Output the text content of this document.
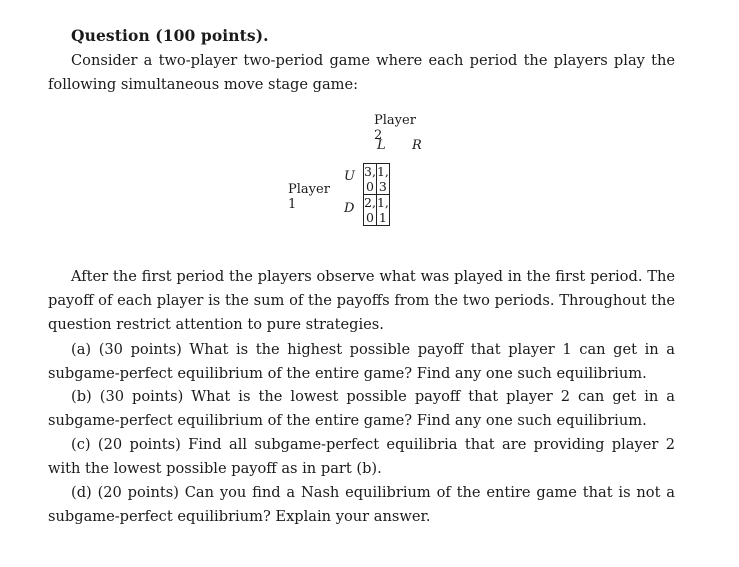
Question (100 points).
Consider a two-player two-period game where each period the players play the following simultaneous move stage game:
Player 2
L R
Player 1
U
D
3, 0	1, 3
2, 0	1, 1
After the first period the players observe what was played in the first period. The payoff of each player is the sum of the payoffs from the two periods. Throughout the question restrict attention to pure strategies.
(a) (30 points) What is the highest possible payoff that player 1 can get in a subgame-perfect equilibrium of the entire game? Find any one such equilibrium.
(b) (30 points) What is the lowest possible payoff that player 2 can get in a subgame-perfect equilibrium of the entire game? Find any one such equilibrium.
(c) (20 points) Find all subgame-perfect equilibria that are providing player 2 with the lowest possible payoff as in part (b).
(d) (20 points) Can you find a Nash equilibrium of the entire game that is not a subgame-perfect equilibrium? Explain your answer.
